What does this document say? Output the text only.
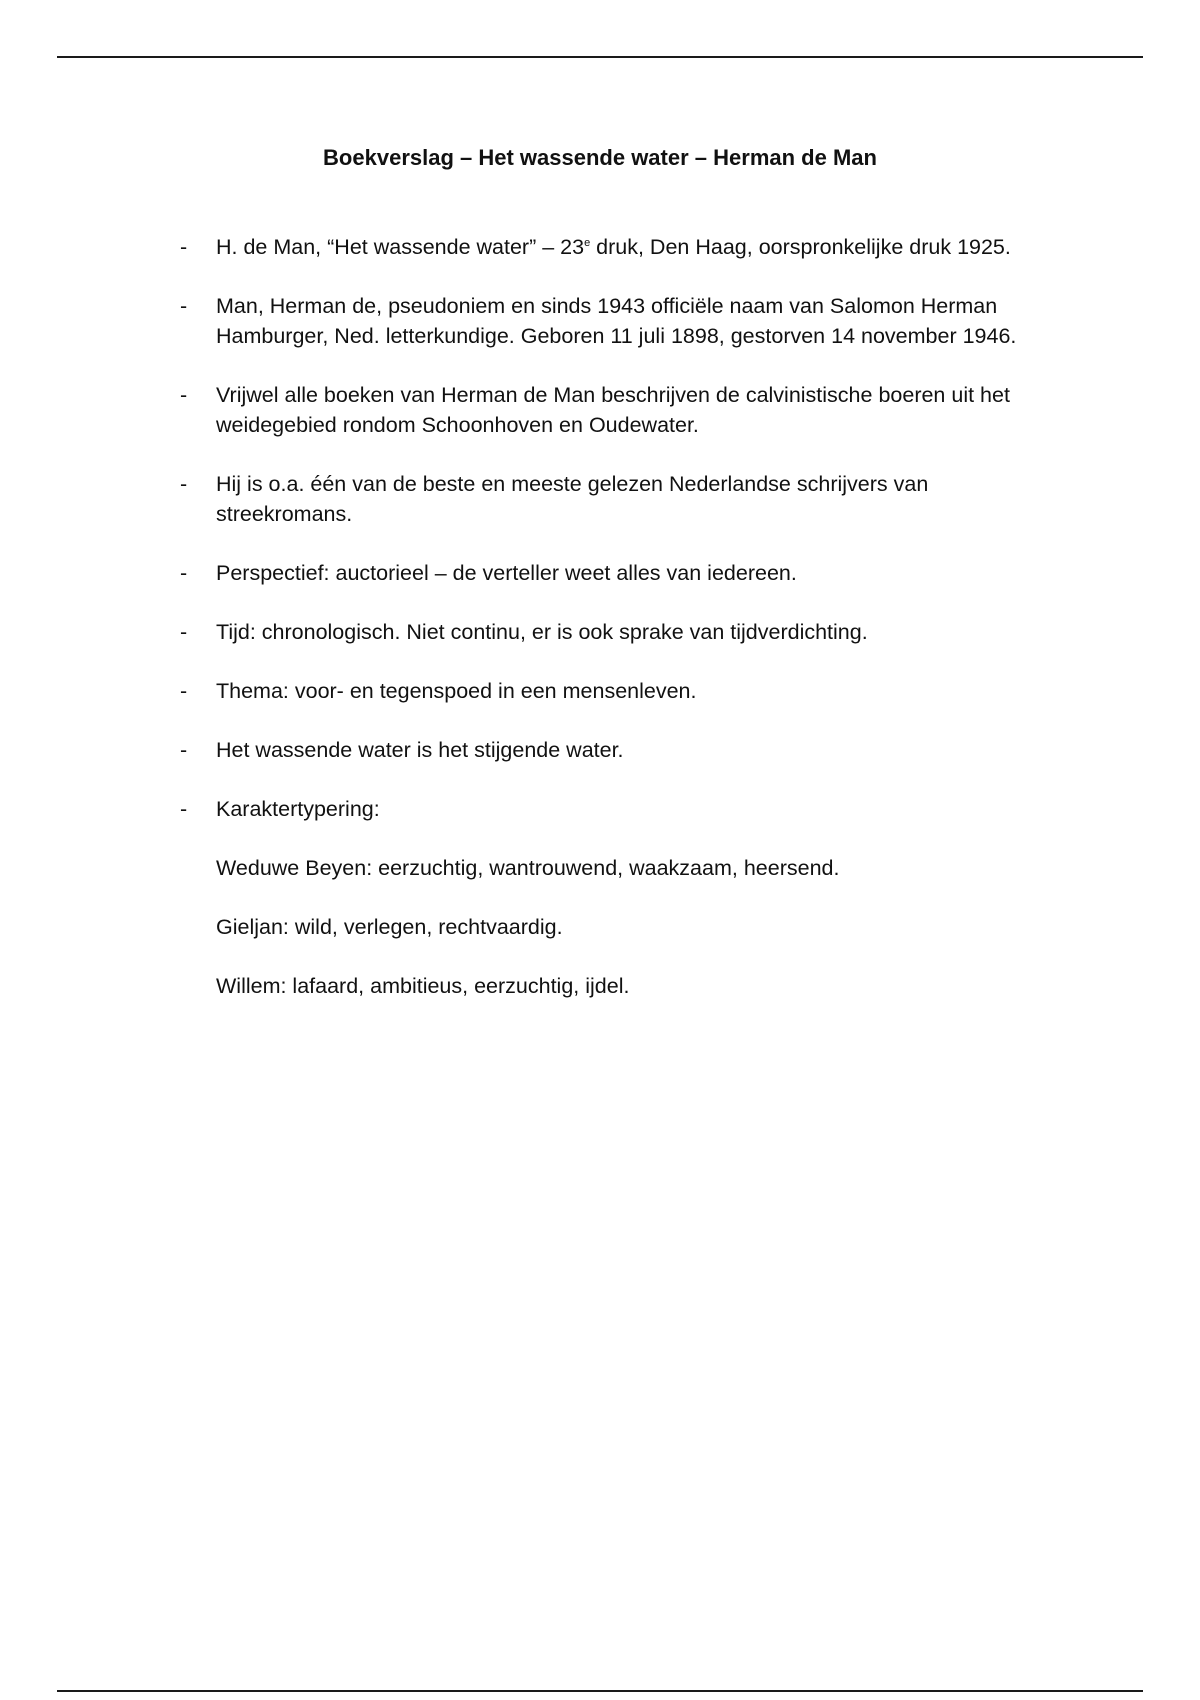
Boekverslag – Het wassende water – Herman de Man
- H. de Man, “Het wassende water” – 23e druk, Den Haag, oorspronkelijke druk 1925.
- Man, Herman de, pseudoniem en sinds 1943 officiële naam van Salomon Herman Hamburger, Ned. letterkundige. Geboren 11 juli 1898, gestorven 14 november 1946.
- Vrijwel alle boeken van Herman de Man beschrijven de calvinistische boeren uit het weidegebied rondom Schoonhoven en Oudewater.
- Hij is o.a. één van de beste en meeste gelezen Nederlandse schrijvers van streekromans.
- Perspectief: auctorieel – de verteller weet alles van iedereen.
- Tijd: chronologisch. Niet continu, er is ook sprake van tijdverdichting.
- Thema: voor- en tegenspoed in een mensenleven.
- Het wassende water is het stijgende water.
- Karaktertypering:
Weduwe Beyen: eerzuchtig, wantrouwend, waakzaam, heersend.
Gieljan: wild, verlegen, rechtvaardig.
Willem: lafaard, ambitieus, eerzuchtig, ijdel.
